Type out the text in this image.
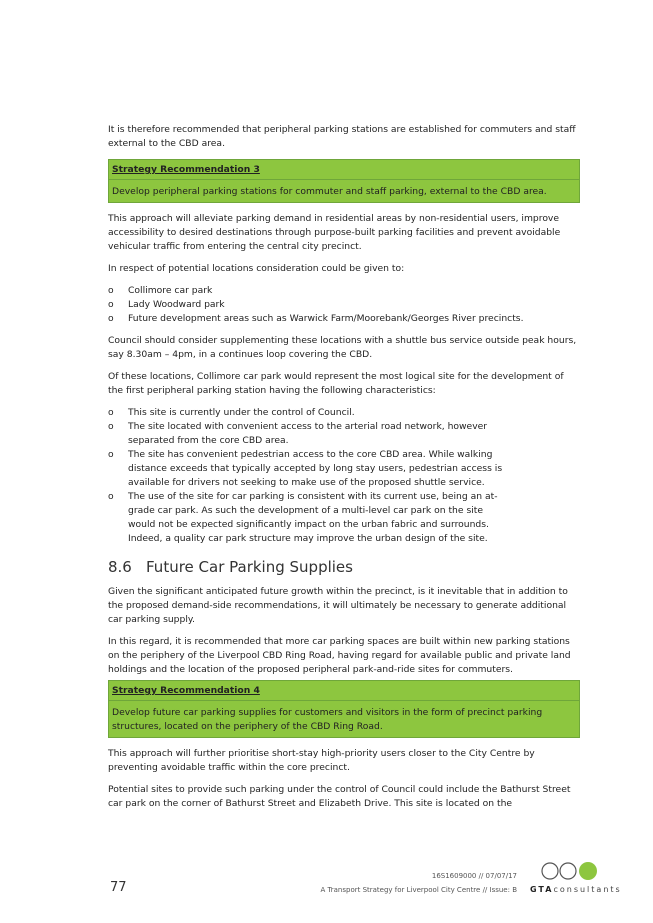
It is therefore recommended that peripheral parking stations are established for commuters and staff external to the CBD area.

Strategy Recommendation 3
Develop peripheral parking stations for commuter and staff parking, external to the CBD area.

This approach will alleviate parking demand in residential areas by non-residential users, improve accessibility to desired destinations through purpose-built parking facilities and prevent avoidable vehicular traffic from entering the central city precinct.

In respect of potential locations consideration could be given to:

o Collimore car park
o Lady Woodward park
o Future development areas such as Warwick Farm/Moorebank/Georges River precincts.

Council should consider supplementing these locations with a shuttle bus service outside peak hours, say 8.30am – 4pm, in a continues loop covering the CBD.

Of these locations, Collimore car park would represent the most logical site for the development of the first peripheral parking station having the following characteristics:

o This site is currently under the control of Council.
o The site located with convenient access to the arterial road network, however separated from the core CBD area.
o The site has convenient pedestrian access to the core CBD area. While walking distance exceeds that typically accepted by long stay users, pedestrian access is available for drivers not seeking to make use of the proposed shuttle service.
o The use of the site for car parking is consistent with its current use, being an at-grade car park. As such the development of a multi-level car park on the site would not be expected significantly impact on the urban fabric and surrounds. Indeed, a quality car park structure may improve the urban design of the site.
8.6 Future Car Parking Supplies

Given the significant anticipated future growth within the precinct, is it inevitable that in addition to the proposed demand-side recommendations, it will ultimately be necessary to generate additional car parking supply.

In this regard, it is recommended that more car parking spaces are built within new parking stations on the periphery of the Liverpool CBD Ring Road, having regard for available public and private land holdings and the location of the proposed peripheral park-and-ride sites for commuters.

Strategy Recommendation 4
Develop future car parking supplies for customers and visitors in the form of precinct parking structures, located on the periphery of the CBD Ring Road.

This approach will further prioritise short-stay high-priority users closer to the City Centre by preventing avoidable traffic within the core precinct.

Potential sites to provide such parking under the control of Council could include the Bathurst Street car park on the corner of Bathurst Street and Elizabeth Drive. This site is located on the

77
16S1609000 // 07/07/17
A Transport Strategy for Liverpool City Centre // Issue: B GTAconsultants
